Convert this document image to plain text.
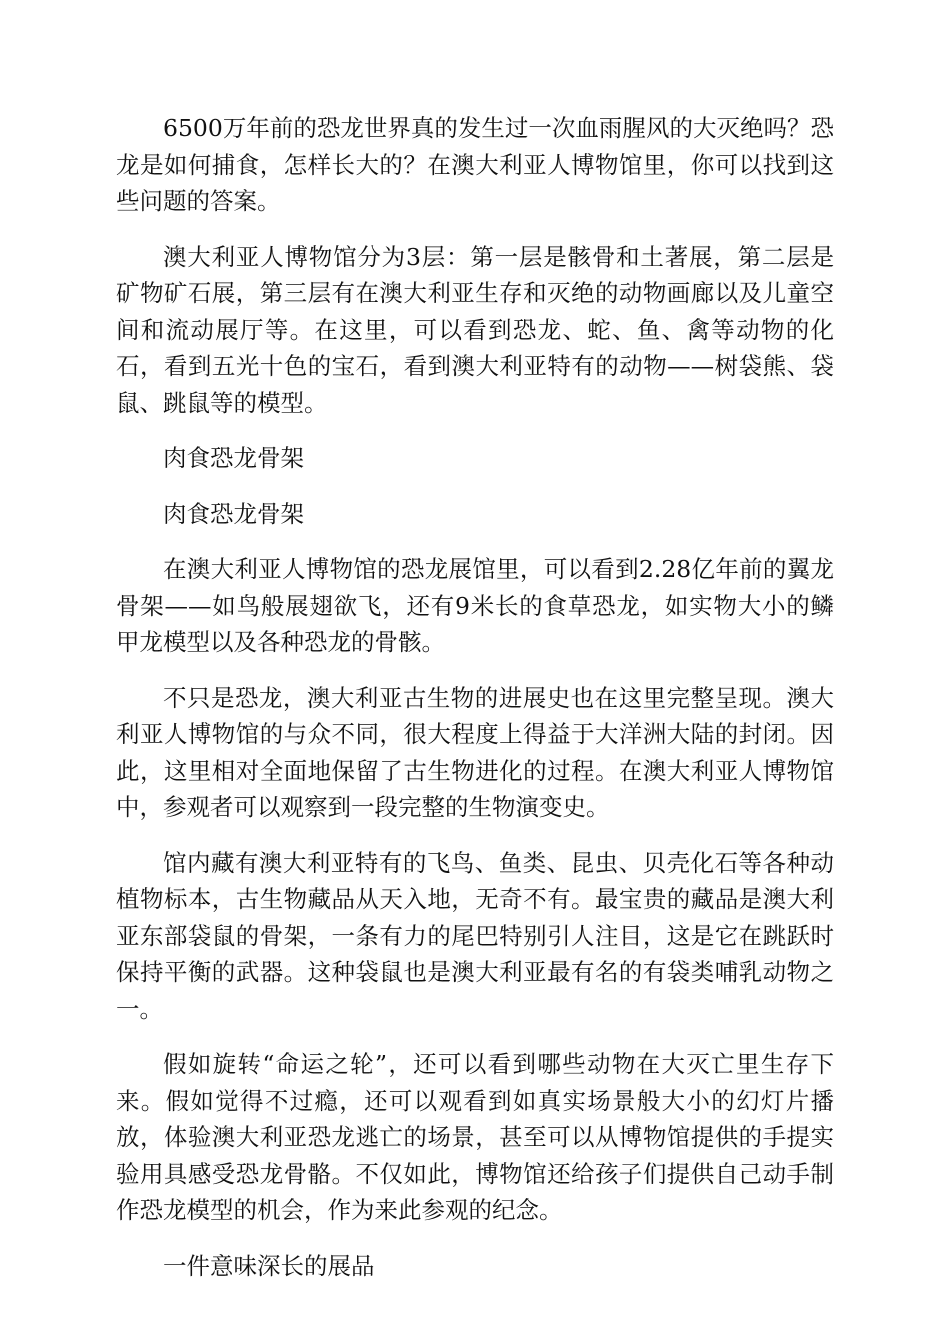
6500万年前的恐龙世界真的发生过一次血雨腥风的大灭绝吗？恐龙是如何捕食，怎样长大的？在澳大利亚人博物馆里，你可以找到这些问题的答案。

澳大利亚人博物馆分为3层：第一层是骸骨和土著展，第二层是矿物矿石展，第三层有在澳大利亚生存和灭绝的动物画廊以及儿童空间和流动展厅等。在这里，可以看到恐龙、蛇、鱼、禽等动物的化石，看到五光十色的宝石，看到澳大利亚特有的动物——树袋熊、袋鼠、跳鼠等的模型。

肉食恐龙骨架

肉食恐龙骨架

在澳大利亚人博物馆的恐龙展馆里，可以看到2.28亿年前的翼龙骨架——如鸟般展翅欲飞，还有9米长的食草恐龙，如实物大小的鳞甲龙模型以及各种恐龙的骨骸。

不只是恐龙，澳大利亚古生物的进展史也在这里完整呈现。澳大利亚人博物馆的与众不同，很大程度上得益于大洋洲大陆的封闭。因此，这里相对全面地保留了古生物进化的过程。在澳大利亚人博物馆中，参观者可以观察到一段完整的生物演变史。

馆内藏有澳大利亚特有的飞鸟、鱼类、昆虫、贝壳化石等各种动植物标本，古生物藏品从天入地，无奇不有。最宝贵的藏品是澳大利亚东部袋鼠的骨架，一条有力的尾巴特别引人注目，这是它在跳跃时保持平衡的武器。这种袋鼠也是澳大利亚最有名的有袋类哺乳动物之一。

假如旋转“命运之轮”，还可以看到哪些动物在大灭亡里生存下来。假如觉得不过瘾，还可以观看到如真实场景般大小的幻灯片播放，体验澳大利亚恐龙逃亡的场景，甚至可以从博物馆提供的手提实验用具感受恐龙骨骼。不仅如此，博物馆还给孩子们提供自己动手制作恐龙模型的机会，作为来此参观的纪念。

一件意味深长的展品
